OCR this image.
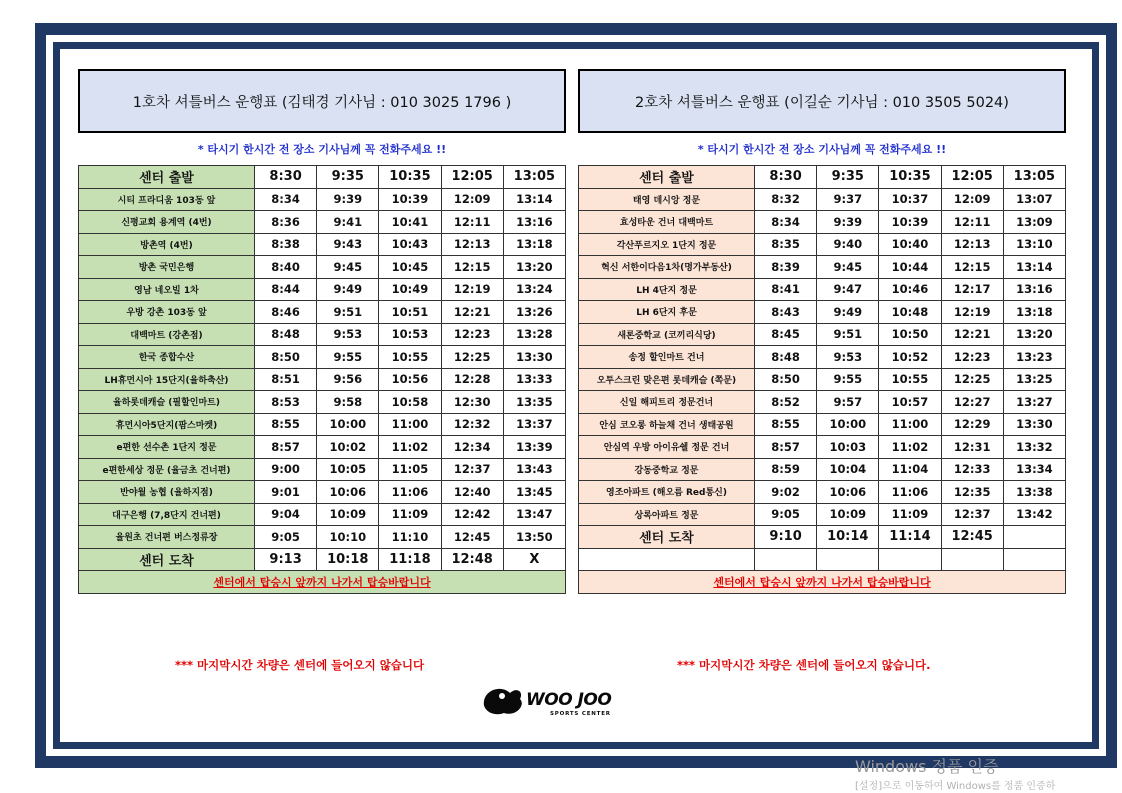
1호차 셔틀버스 운행표 (김태경 기사님 : 010 3025 1796 )
* 타시기 한시간 전 장소 기사님께 꼭 전화주세요 !!
센터 출발	8:30	9:35	10:35	12:05	13:05
시티 프라디움 103동 앞	8:34	9:39	10:39	12:09	13:14
신평교회 용계역 (4번)	8:36	9:41	10:41	12:11	13:16
방촌역 (4번)	8:38	9:43	10:43	12:13	13:18
방촌 국민은행	8:40	9:45	10:45	12:15	13:20
영남 네오빌 1차	8:44	9:49	10:49	12:19	13:24
우방 강촌 103동 앞	8:46	9:51	10:51	12:21	13:26
대백마트 (강촌점)	8:48	9:53	10:53	12:23	13:28
한국 종합수산	8:50	9:55	10:55	12:25	13:30
LH휴먼시아 15단지(율하축산)	8:51	9:56	10:56	12:28	13:33
율하롯데캐슬 (필할인마트)	8:53	9:58	10:58	12:30	13:35
휴먼시아5단지(팜스마켓)	8:55	10:00	11:00	12:32	13:37
e편한 선수촌 1단지 정문	8:57	10:02	11:02	12:34	13:39
e편한세상 정문 (율금초 건너편)	9:00	10:05	11:05	12:37	13:43
반야월 농협 (율하지점)	9:01	10:06	11:06	12:40	13:45
대구은행 (7,8단지 건너편)	9:04	10:09	11:09	12:42	13:47
율원초 건너편 버스정류장	9:05	10:10	11:10	12:45	13:50
센터 도착	9:13	10:18	11:18	12:48	X
센터에서 탑승시 앞까지 나가서 탑승바랍니다
2호차 셔틀버스 운행표 (이길순 기사님 : 010 3505 5024)
* 타시기 한시간 전 장소 기사님께 꼭 전화주세요 !!
센터 출발	8:30	9:35	10:35	12:05	13:05
태영 데시앙 정문	8:32	9:37	10:37	12:09	13:07
효성타운 건너 대백마트	8:34	9:39	10:39	12:11	13:09
각산푸르지오 1단지 정문	8:35	9:40	10:40	12:13	13:10
혁신 서한이다음1차(명가부동산)	8:39	9:45	10:44	12:15	13:14
LH 4단지 정문	8:41	9:47	10:46	12:17	13:16
LH 6단지 후문	8:43	9:49	10:48	12:19	13:18
새론중학교 (코끼리식당)	8:45	9:51	10:50	12:21	13:20
송정 할인마트 건너	8:48	9:53	10:52	12:23	13:23
오투스크린 맞은편 롯데캐슬 (쪽문)	8:50	9:55	10:55	12:25	13:25
신일 해피트리 정문건너	8:52	9:57	10:57	12:27	13:27
안심 코오롱 하늘채 건너 생태공원	8:55	10:00	11:00	12:29	13:30
안심역 우방 아이유쉘 정문 건너	8:57	10:03	11:02	12:31	13:32
강동중학교 정문	8:59	10:04	11:04	12:33	13:34
영조아파트 (해오름 Red통신)	9:02	10:06	11:06	12:35	13:38
상록아파트 정문	9:05	10:09	11:09	12:37	13:42
센터 도착	9:10	10:14	11:14	12:45	

센터에서 탑승시 앞까지 나가서 탑승바랍니다
*** 마지막시간 차량은 센터에 들어오지 않습니다	*** 마지막시간 차량은 센터에 들어오지 않습니다.
WOO JOO
SPORTS CENTER
Windows 정품 인증
[설정]으로 이동하여 Windows를 정품 인증하
